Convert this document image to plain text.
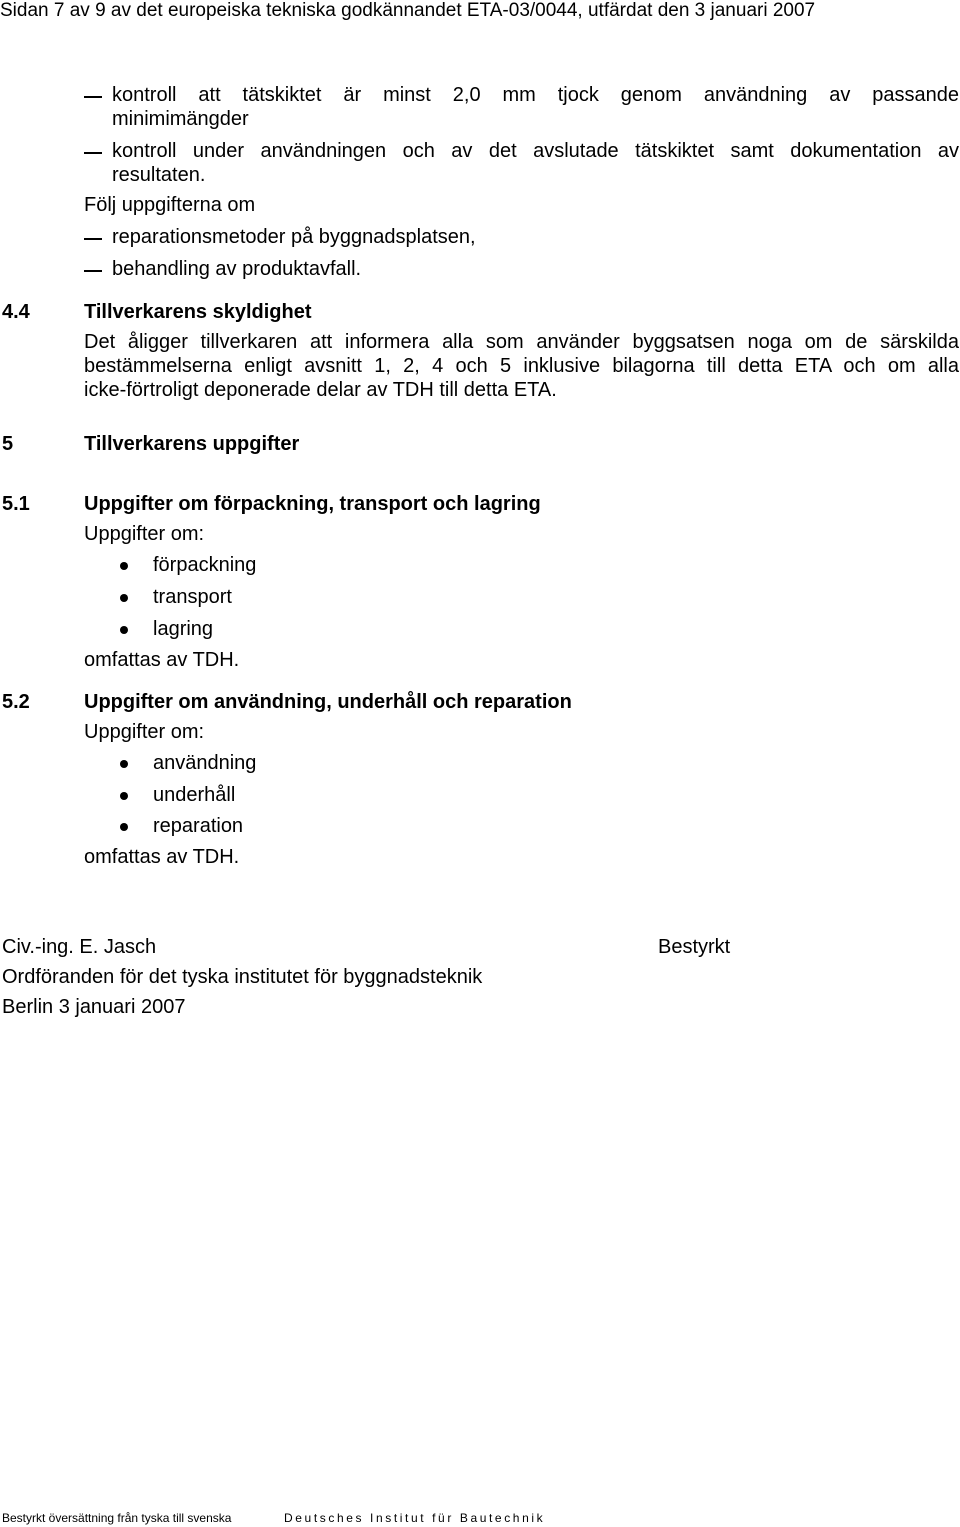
Sidan 7 av 9 av det europeiska tekniska godkännandet ETA-03/0044, utfärdat den 3 januari 2007
kontroll att tätskiktet är minst 2,0 mm tjock genom användning av passande
minimimängder
kontroll under användningen och av det avslutade tätskiktet samt dokumentation av
resultaten.
Följ uppgifterna om
reparationsmetoder på byggnadsplatsen,
behandling av produktavfall.
4.4	Tillverkarens skyldighet
Det åligger tillverkaren att informera alla som använder byggsatsen noga om de särskilda
bestämmelserna enligt avsnitt 1, 2, 4 och 5 inklusive bilagorna till detta ETA och om alla
icke-förtroligt deponerade delar av TDH till detta ETA.
5	Tillverkarens uppgifter
5.1	Uppgifter om förpackning, transport och lagring
Uppgifter om:
förpackning
transport
lagring
omfattas av TDH.
5.2	Uppgifter om användning, underhåll och reparation
Uppgifter om:
användning
underhåll
reparation
omfattas av TDH.
Civ.-ing. E. Jasch	Bestyrkt
Ordföranden för det tyska institutet för byggnadsteknik
Berlin 3 januari 2007
Bestyrkt översättning från tyska till svenska	Deutsches Institut für Bautechnik
